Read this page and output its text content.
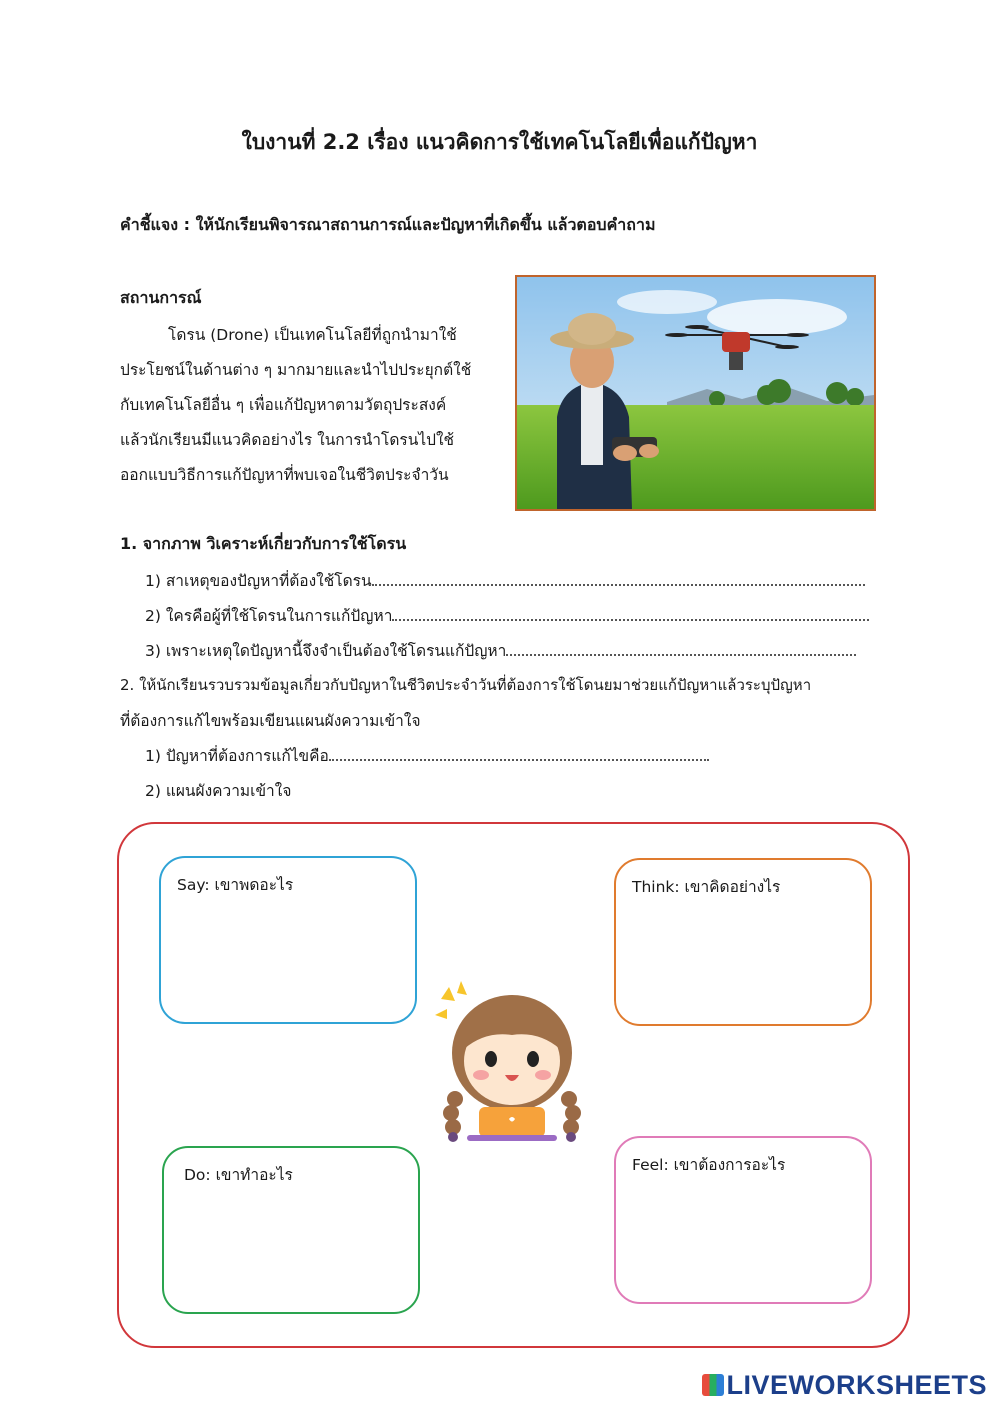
ใบงานที่ 2.2 เรื่อง แนวคิดการใช้เทคโนโลยีเพื่อแก้ปัญหา
คำชี้แจง : ให้นักเรียนพิจารณาสถานการณ์และปัญหาที่เกิดขึ้น แล้วตอบคำถาม
สถานการณ์
โดรน (Drone) เป็นเทคโนโลยีที่ถูกนำมาใช้
ประโยชน์ในด้านต่าง ๆ มากมายและนำไปประยุกต์ใช้
กับเทคโนโลยีอื่น ๆ เพื่อแก้ปัญหาตามวัตถุประสงค์
แล้วนักเรียนมีแนวคิดอย่างไร ในการนำโดรนไปใช้
ออกแบบวิธีการแก้ปัญหาที่พบเจอในชีวิตประจำวัน
1. จากภาพ วิเคราะห์เกี่ยวกับการใช้โดรน
1) สาเหตุของปัญหาที่ต้องใช้โดรน
2) ใครคือผู้ที่ใช้โดรนในการแก้ปัญหา
3) เพราะเหตุใดปัญหานี้จึงจำเป็นต้องใช้โดรนแก้ปัญหา
2. ให้นักเรียนรวบรวมข้อมูลเกี่ยวกับปัญหาในชีวิตประจำวันที่ต้องการใช้โดนยมาช่วยแก้ปัญหาแล้วระบุปัญหา
ที่ต้องการแก้ไขพร้อมเขียนแผนผังความเข้าใจ
1) ปัญหาที่ต้องการแก้ไขคือ
2) แผนผังความเข้าใจ
Say: เขาพดอะไร	Think: เขาคิดอย่างไร
Do: เขาทำอะไร
Feel: เขาต้องการอะไร
LIVEWORKSHEETS
